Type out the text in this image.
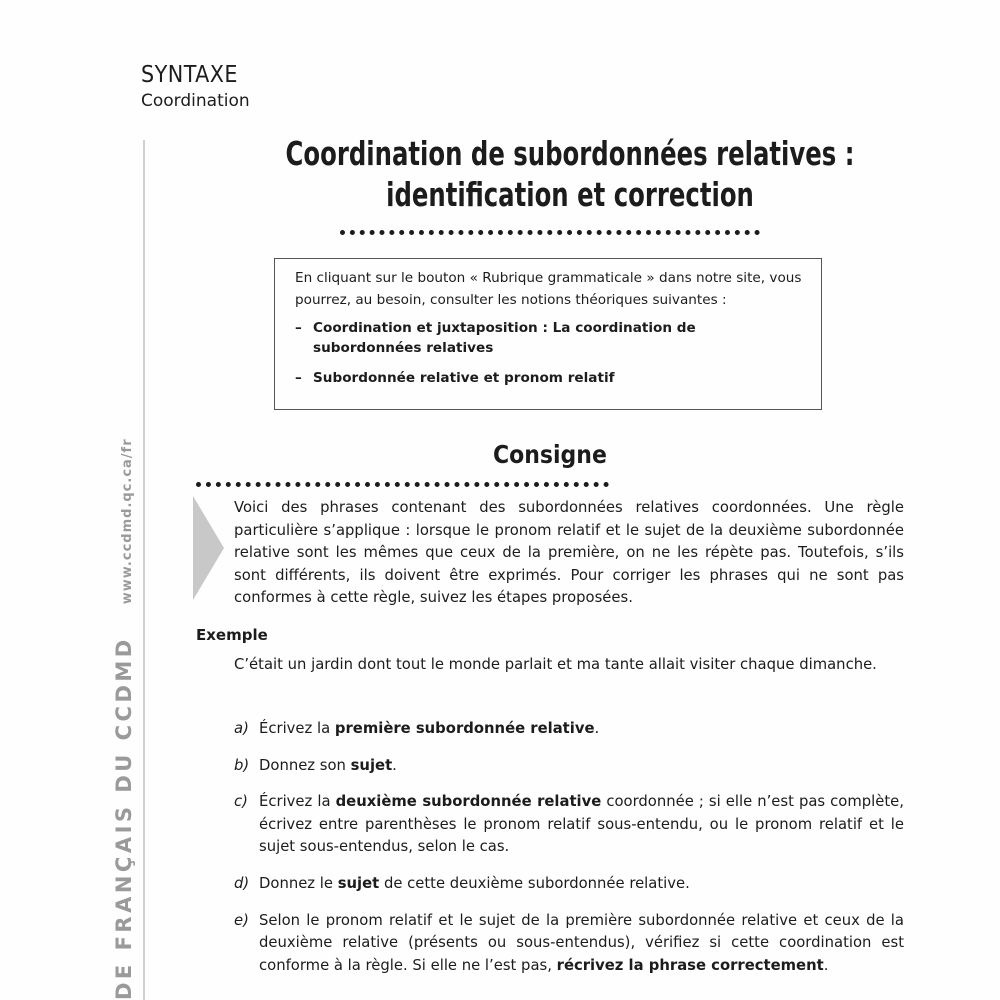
SYNTAXE
Coordination
DE FRANÇAIS DU CCDMDwww.ccdmd.qc.ca/fr
Coordination de subordonnées relatives :
identification et correction

En cliquant sur le bouton « Rubrique grammaticale » dans notre site, vous pourrez, au besoin, consulter les notions théoriques suivantes :

– Coordination et juxtaposition : La coordination de subordonnées relatives
– Subordonnée relative et pronom relatif
Consigne
Voici des phrases contenant des subordonnées relatives coordonnées. Une règle particulière s’applique : lorsque le pronom relatif et le sujet de la deuxième subordonnée relative sont les mêmes que ceux de la première, on ne les répète pas. Toutefois, s’ils sont différents, ils doivent être exprimés. Pour corriger les phrases qui ne sont pas conformes à cette règle, suivez les étapes proposées.
Exemple
C’était un jardin dont tout le monde parlait et ma tante allait visiter chaque dimanche.
a) Écrivez la première subordonnée relative.
b) Donnez son sujet.
c) Écrivez la deuxième subordonnée relative coordonnée ; si elle n’est pas complète, écrivez entre parenthèses le pronom relatif sous-entendu, ou le pronom relatif et le sujet sous-entendus, selon le cas.
d) Donnez le sujet de cette deuxième subordonnée relative.
e) Selon le pronom relatif et le sujet de la première subordonnée relative et ceux de la deuxième relative (présents ou sous-entendus), vérifiez si cette coordination est conforme à la règle. Si elle ne l’est pas, récrivez la phrase correctement.
